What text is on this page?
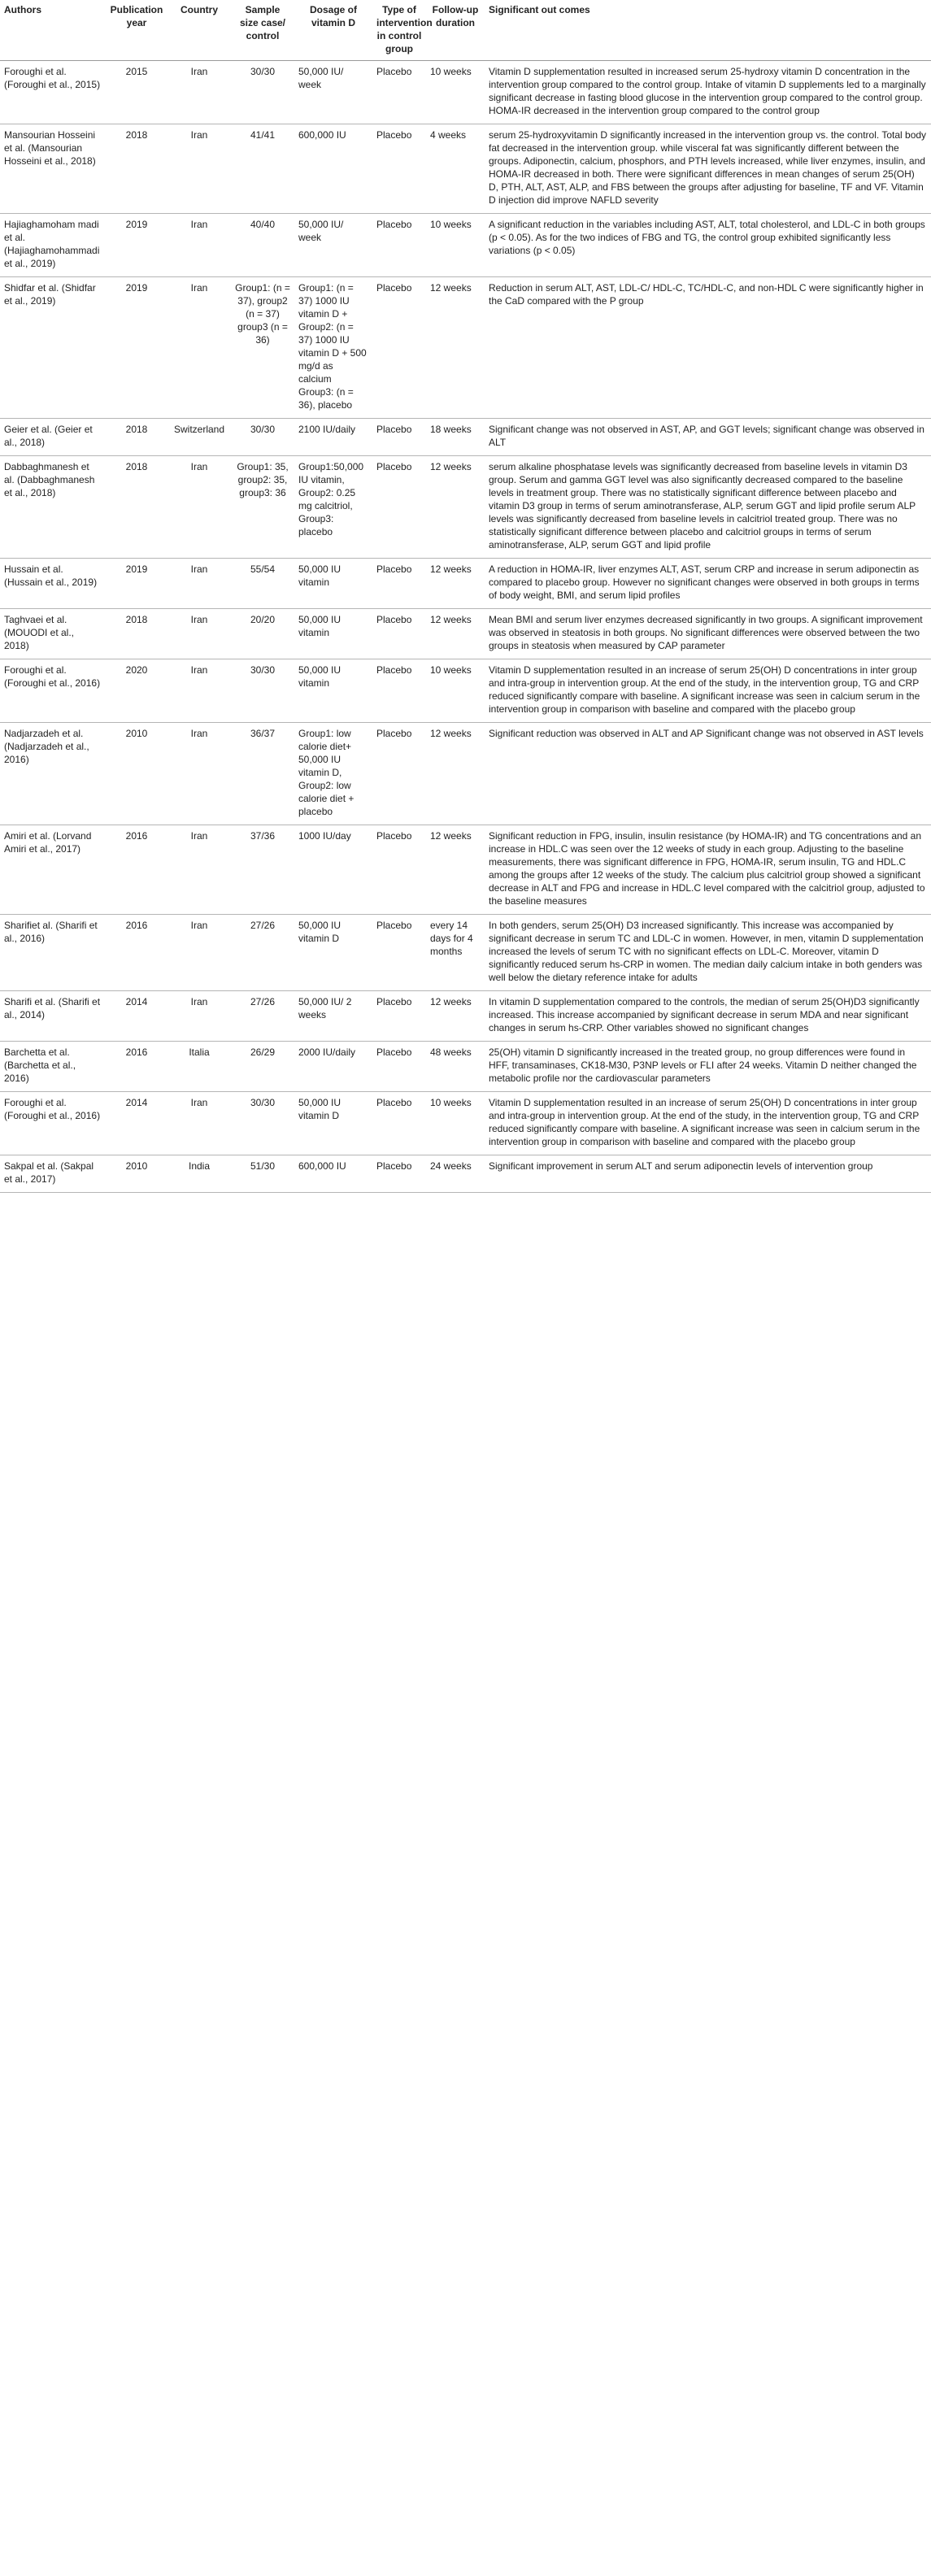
Authors	Publication year	Country	Sample size case/ control	Dosage of vitamin D	Type of intervention in control group	Follow-up duration	Significant out comes
Foroughi et al. (Foroughi et al., 2015)	2015	Iran	30/30	50,000 IU/ week	Placebo	10 weeks	Vitamin D supplementation resulted in increased serum 25-hydroxy vitamin D concentration in the intervention group compared to the control group. Intake of vitamin D supplements led to a marginally significant decrease in fasting blood glucose in the intervention group compared to the control group. HOMA-IR decreased in the intervention group compared to the control group
Mansourian Hosseini et al. (Mansourian Hosseini et al., 2018)	2018	Iran	41/41	600,000 IU	Placebo	4 weeks	serum 25-hydroxyvitamin D significantly increased in the intervention group vs. the control. Total body fat decreased in the intervention group. while visceral fat was significantly different between the groups. Adiponectin, calcium, phosphors, and PTH levels increased, while liver enzymes, insulin, and HOMA-IR decreased in both. There were significant differences in mean changes of serum 25(OH) D, PTH, ALT, AST, ALP, and FBS between the groups after adjusting for baseline, TF and VF. Vitamin D injection did improve NAFLD severity
Hajiaghamoham madi et al. (Hajiaghamohammadi et al., 2019)	2019	Iran	40/40	50,000 IU/ week	Placebo	10 weeks	A significant reduction in the variables including AST, ALT, total cholesterol, and LDL-C in both groups (p < 0.05). As for the two indices of FBG and TG, the control group exhibited significantly less variations (p < 0.05)
Shidfar et al. (Shidfar et al., 2019)	2019	Iran	Group1: (n = 37), group2 (n = 37) group3 (n = 36)	Group1: (n = 37) 1000 IU vitamin D + Group2: (n = 37) 1000 IU vitamin D + 500 mg/d as calcium Group3: (n = 36), placebo	Placebo	12 weeks	Reduction in serum ALT, AST, LDL-C/ HDL-C, TC/HDL-C, and non-HDL C were significantly higher in the CaD compared with the P group
Geier et al. (Geier et al., 2018)	2018	Switzerland	30/30	2100 IU/daily	Placebo	18 weeks	Significant change was not observed in AST, AP, and GGT levels; significant change was observed in ALT
Dabbaghmanesh et al. (Dabbaghmanesh et al., 2018)	2018	Iran	Group1: 35, group2: 35, group3: 36	Group1:50,000 IU vitamin, Group2: 0.25 mg calcitriol, Group3: placebo	Placebo	12 weeks	serum alkaline phosphatase levels was significantly decreased from baseline levels in vitamin D3 group. Serum and gamma GGT level was also significantly decreased compared to the baseline levels in treatment group. There was no statistically significant difference between placebo and vitamin D3 group in terms of serum aminotransferase, ALP, serum GGT and lipid profile serum ALP levels was significantly decreased from baseline levels in calcitriol treated group. There was no statistically significant difference between placebo and calcitriol groups in terms of serum aminotransferase, ALP, serum GGT and lipid profile
Hussain et al. (Hussain et al., 2019)	2019	Iran	55/54	50,000 IU vitamin	Placebo	12 weeks	A reduction in HOMA-IR, liver enzymes ALT, AST, serum CRP and increase in serum adiponectin as compared to placebo group. However no significant changes were observed in both groups in terms of body weight, BMI, and serum lipid profiles
Taghvaei et al. (MOUODI et al., 2018)	2018	Iran	20/20	50,000 IU vitamin	Placebo	12 weeks	Mean BMI and serum liver enzymes decreased significantly in two groups. A significant improvement was observed in steatosis in both groups. No significant differences were observed between the two groups in steatosis when measured by CAP parameter
Foroughi et al. (Foroughi et al., 2016)	2020	Iran	30/30	50,000 IU vitamin	Placebo	10 weeks	Vitamin D supplementation resulted in an increase of serum 25(OH) D concentrations in inter group and intra-group in intervention group. At the end of the study, in the intervention group, TG and CRP reduced significantly compare with baseline. A significant increase was seen in calcium serum in the intervention group in comparison with baseline and compared with the placebo group
Nadjarzadeh et al. (Nadjarzadeh et al., 2016)	2010	Iran	36/37	Group1: low calorie diet+ 50,000 IU vitamin D, Group2: low calorie diet + placebo	Placebo	12 weeks	Significant reduction was observed in ALT and AP Significant change was not observed in AST levels
Amiri et al. (Lorvand Amiri et al., 2017)	2016	Iran	37/36	1000 IU/day	Placebo	12 weeks	Significant reduction in FPG, insulin, insulin resistance (by HOMA-IR) and TG concentrations and an increase in HDL.C was seen over the 12 weeks of study in each group. Adjusting to the baseline measurements, there was significant difference in FPG, HOMA-IR, serum insulin, TG and HDL.C among the groups after 12 weeks of the study. The calcium plus calcitriol group showed a significant decrease in ALT and FPG and increase in HDL.C level compared with the calcitriol group, adjusted to the baseline measures
Sharifiet al. (Sharifi et al., 2016)	2016	Iran	27/26	50,000 IU vitamin D	Placebo	every 14 days for 4 months	In both genders, serum 25(OH) D3 increased significantly. This increase was accompanied by significant decrease in serum TC and LDL-C in women. However, in men, vitamin D supplementation increased the levels of serum TC with no significant effects on LDL-C. Moreover, vitamin D significantly reduced serum hs-CRP in women. The median daily calcium intake in both genders was well below the dietary reference intake for adults
Sharifi et al. (Sharifi et al., 2014)	2014	Iran	27/26	50,000 IU/ 2 weeks	Placebo	12 weeks	In vitamin D supplementation compared to the controls, the median of serum 25(OH)D3 significantly increased. This increase accompanied by significant decrease in serum MDA and near significant changes in serum hs-CRP. Other variables showed no significant changes
Barchetta et al. (Barchetta et al., 2016)	2016	Italia	26/29	2000 IU/daily	Placebo	48 weeks	25(OH) vitamin D significantly increased in the treated group, no group differences were found in HFF, transaminases, CK18-M30, P3NP levels or FLI after 24 weeks. Vitamin D neither changed the metabolic profile nor the cardiovascular parameters
Foroughi et al. (Foroughi et al., 2016)	2014	Iran	30/30	50,000 IU vitamin D	Placebo	10 weeks	Vitamin D supplementation resulted in an increase of serum 25(OH) D concentrations in inter group and intra-group in intervention group. At the end of the study, in the intervention group, TG and CRP reduced significantly compare with baseline. A significant increase was seen in calcium serum in the intervention group in comparison with baseline and compared with the placebo group
Sakpal et al. (Sakpal et al., 2017)	2010	India	51/30	600,000 IU	Placebo	24 weeks	Significant improvement in serum ALT and serum adiponectin levels of intervention group
